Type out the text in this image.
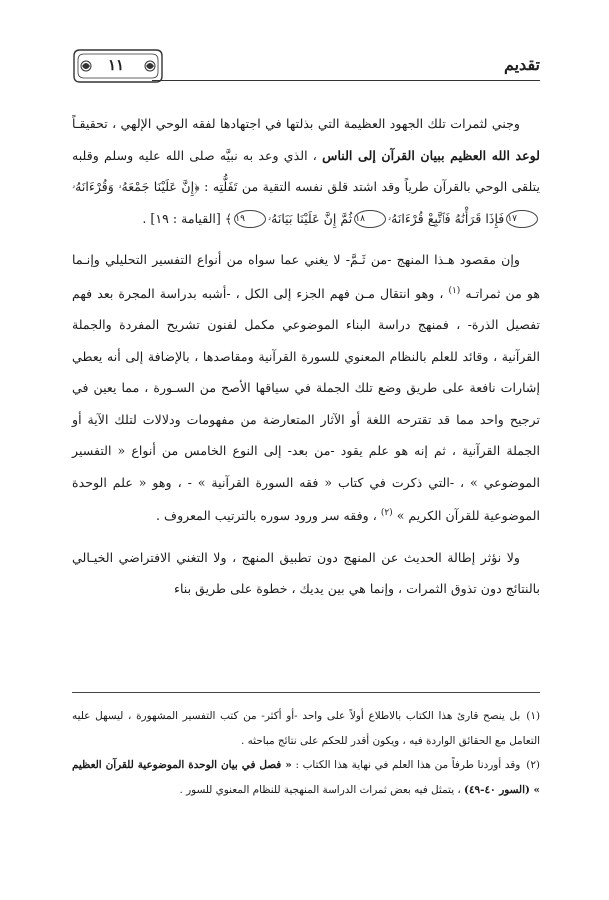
١١	تقديم

وجني لثمرات تلك الجهود العظيمة التي بذلتها في اجتهادها لفقه الوحي الإلهي ، تحقيقـاً لوعد الله العظيم ببيان القرآن إلى الناس ، الذي وعد به نبيَّه صلى الله عليه وسلم وقلبه يتلقى الوحي بالقرآن طرياً وقد اشتد قلق نفسه التقية من تَفَلُّتِه : ﴿إِنَّ عَلَيْنَا جَمْعَهُۥ وَقُرْءَانَهُۥ١٧فَإِذَا قَرَأْنَٰهُ فَٱتَّبِعْ قُرْءَانَهُۥ١٨ثُمَّ إِنَّ عَلَيْنَا بَيَانَهُۥ١٩﴾ [القيامة : ١٩] .

وإن مقصود هـذا المنهج -من ثَـمَّ- لا يغني عما سواه من أنواع التفسير التحليلي وإنـما هو من ثمراتـه $^{(١)}$ ، وهو انتقال مـن فهم الجزء إلى الكل ، -أشبه بدراسة المجرة بعد فهم تفصيل الذرة- ، فمنهج دراسة البناء الموضوعي مكمل لفنون تشريح المفردة والجملة القرآنية ، وقائد للعلم بالنظام المعنوي للسورة القرآنية ومقاصدها ، بالإضافة إلى أنه يعطي إشارات نافعة على طريق وضع تلك الجملة في سياقها الأصح من السـورة ، مما يعين في ترجيح واحد مما قد تقترحه اللغة أو الآثار المتعارضة من مفهومات ودلالات لتلك الآية أو الجملة القرآنية ، ثم إنه هو علم يقود -من بعد- إلى النوع الخامس من أنواع « التفسير الموضوعي » ، -التي ذكرت في كتاب « فقه السورة القرآنية » - ، وهو « علم الوحدة الموضوعية للقرآن الكريم » $^{(٢)}$ ، وفقه سر ورود سوره بالترتيب المعروف .

ولا نؤثر إطالة الحديث عن المنهج دون تطبيق المنهج ، ولا التغني الافتراضي الخيـالي بالنتائج دون تذوق الثمرات ، وإنما هي بين يديك ، خطوة على طريق بناء

(١)بل ينصح قارئ هذا الكتاب بالاطلاع أولاً على واحد -أو أكثر- من كتب التفسير المشهورة ، ليسهل عليه التعامل مع الحقائق الواردة فيه ، ويكون أقدر للحكم على نتائج مباحثه .

(٢)وقد أوردنا طرفاً من هذا العلم في نهاية هذا الكتاب : « فصل في بيان الوحدة الموضوعية للقرآن العظيم » (السور ٤٠-٤٩) ، يتمثل فيه بعض ثمرات الدراسة المنهجية للنظام المعنوي للسور .
